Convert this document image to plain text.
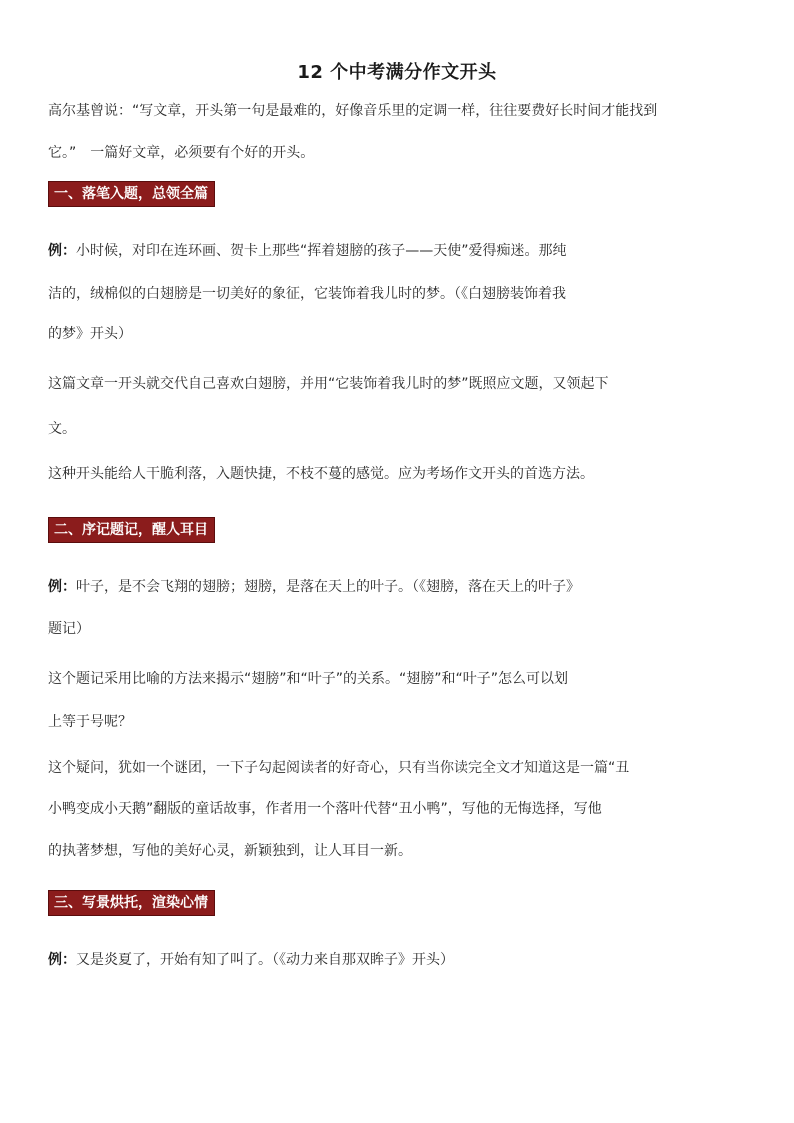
12 个中考满分作文开头
高尔基曾说：“写文章，开头第一句是最难的，好像音乐里的定调一样，往往要费好长时间才能找到
它。”　一篇好文章，必须要有个好的开头。
一、落笔入题，总领全篇
例：小时候，对印在连环画、贺卡上那些“挥着翅膀的孩子——天使”爱得痴迷。那纯
洁的，绒棉似的白翅膀是一切美好的象征，它装饰着我儿时的梦。（《白翅膀装饰着我
的梦》开头）
这篇文章一开头就交代自己喜欢白翅膀，并用“它装饰着我儿时的梦”既照应文题，又领起下
文。
这种开头能给人干脆利落，入题快捷，不枝不蔓的感觉。应为考场作文开头的首选方法。
二、序记题记，醒人耳目
例：叶子，是不会飞翔的翅膀；翅膀，是落在天上的叶子。（《翅膀，落在天上的叶子》
题记）
这个题记采用比喻的方法来揭示“翅膀”和“叶子”的关系。“翅膀”和“叶子”怎么可以划
上等于号呢？
这个疑问，犹如一个谜团，一下子勾起阅读者的好奇心，只有当你读完全文才知道这是一篇“丑
小鸭变成小天鹅”翻版的童话故事，作者用一个落叶代替“丑小鸭”，写他的无悔选择，写他
的执著梦想，写他的美好心灵，新颖独到，让人耳目一新。
三、写景烘托，渲染心情
例：又是炎夏了，开始有知了叫了。（《动力来自那双眸子》开头）
